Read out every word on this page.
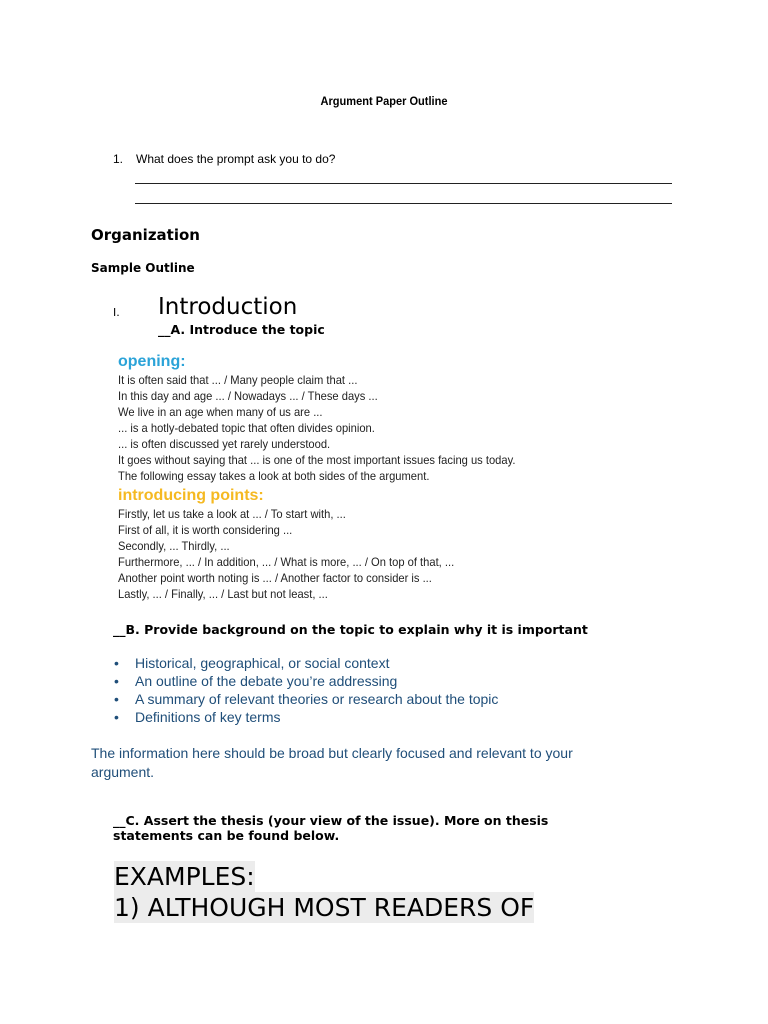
Argument Paper Outline
1. What does the prompt ask you to do?
Organization
Sample Outline
I. Introduction
__A. Introduce the topic
opening:
It is often said that ... / Many people claim that ...
In this day and age ... / Nowadays ... / These days ...
We live in an age when many of us are ...
... is a hotly-debated topic that often divides opinion.
... is often discussed yet rarely understood.
It goes without saying that ... is one of the most important issues facing us today.
The following essay takes a look at both sides of the argument.
introducing points:
Firstly, let us take a look at ... / To start with, ...
First of all, it is worth considering ...
Secondly, ... Thirdly, ...
Furthermore, ... / In addition, ... / What is more, ... / On top of that, ...
Another point worth noting is ... / Another factor to consider is ...
Lastly, ... / Finally, ... / Last but not least, ...
__B. Provide background on the topic to explain why it is important
• Historical, geographical, or social context
• An outline of the debate you’re addressing
• A summary of relevant theories or research about the topic
• Definitions of key terms
The information here should be broad but clearly focused and relevant to your argument.
__C. Assert the thesis (your view of the issue). More on thesis statements can be found below.
EXAMPLES:
1) ALTHOUGH MOST READERS OF
